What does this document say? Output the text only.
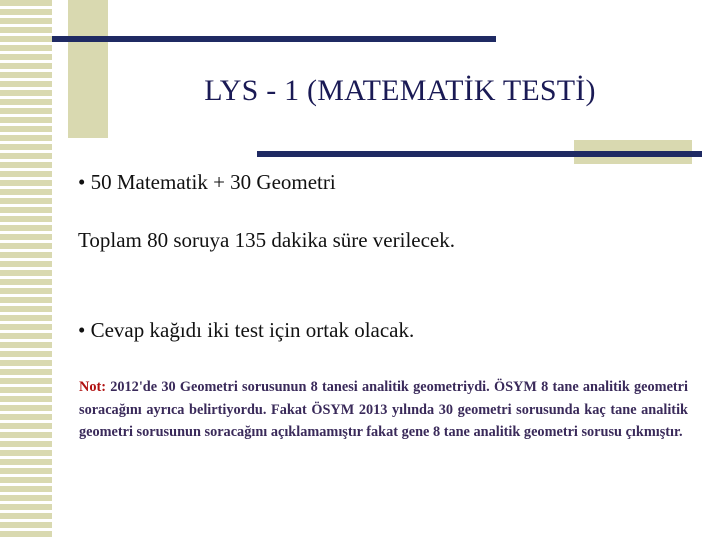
LYS - 1 (MATEMATİK TESTİ)
• 50 Matematik + 30 Geometri
Toplam 80 soruya 135 dakika süre verilecek.
• Cevap kağıdı iki test için ortak olacak.
Not: 2012'de 30 Geometri sorusunun 8 tanesi analitik geometriydi. ÖSYM 8 tane analitik geometri soracağını ayrıca belirtiyordu. Fakat ÖSYM 2013 yılında 30 geometri sorusunda kaç tane analitik geometri sorusunun soracağını açıklamamıştır fakat gene 8 tane analitik geometri sorusu çıkmıştır.
